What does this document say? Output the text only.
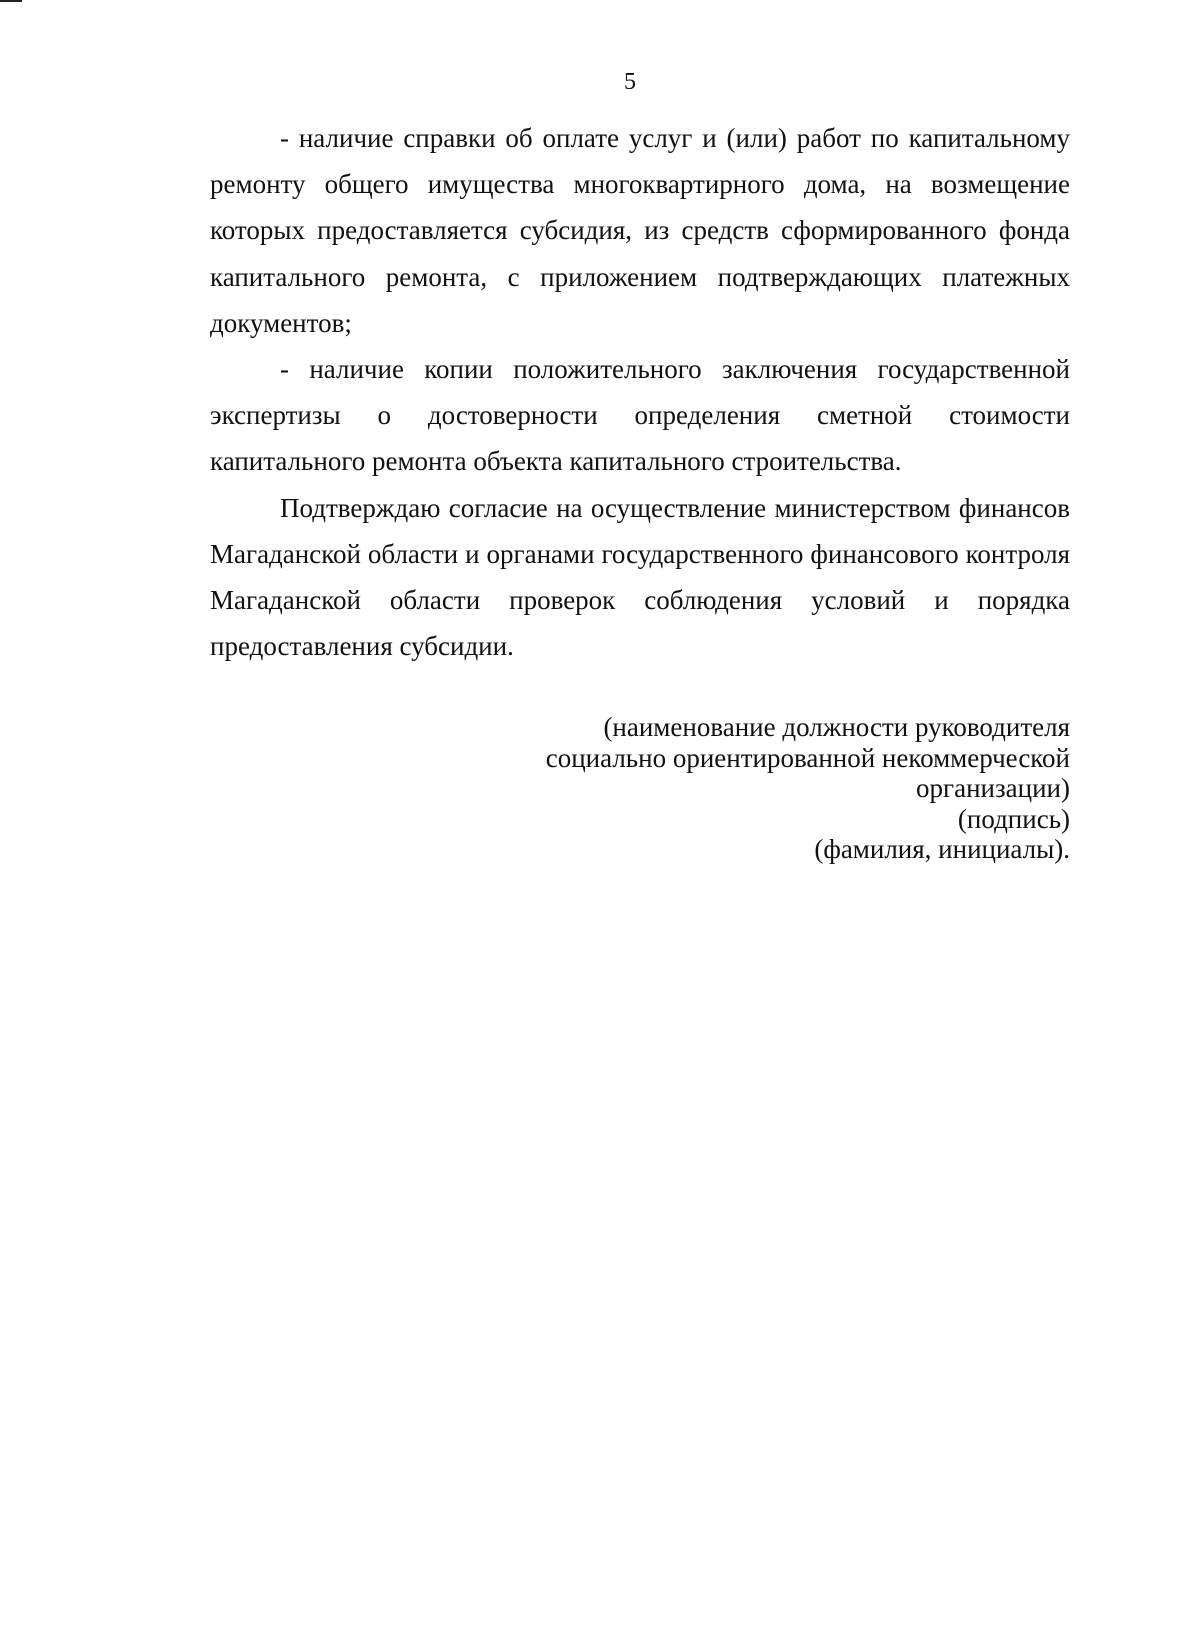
5

- наличие справки об оплате услуг и (или) работ по капитальному ремонту общего имущества многоквартирного дома, на возмещение которых предоставляется субсидия, из средств сформированного фонда капитального ремонта, с приложением подтверждающих платежных документов;

- наличие копии положительного заключения государственной экспертизы о достоверности определения сметной стоимости капитального ремонта объекта капитального строительства.

Подтверждаю согласие на осуществление министерством финансов Магаданской области и органами государственного финансового контроля Магаданской области проверок соблюдения условий и порядка предоставления субсидии.

(наименование должности руководителя
социально ориентированной некоммерческой
организации)
(подпись)
(фамилия, инициалы).
